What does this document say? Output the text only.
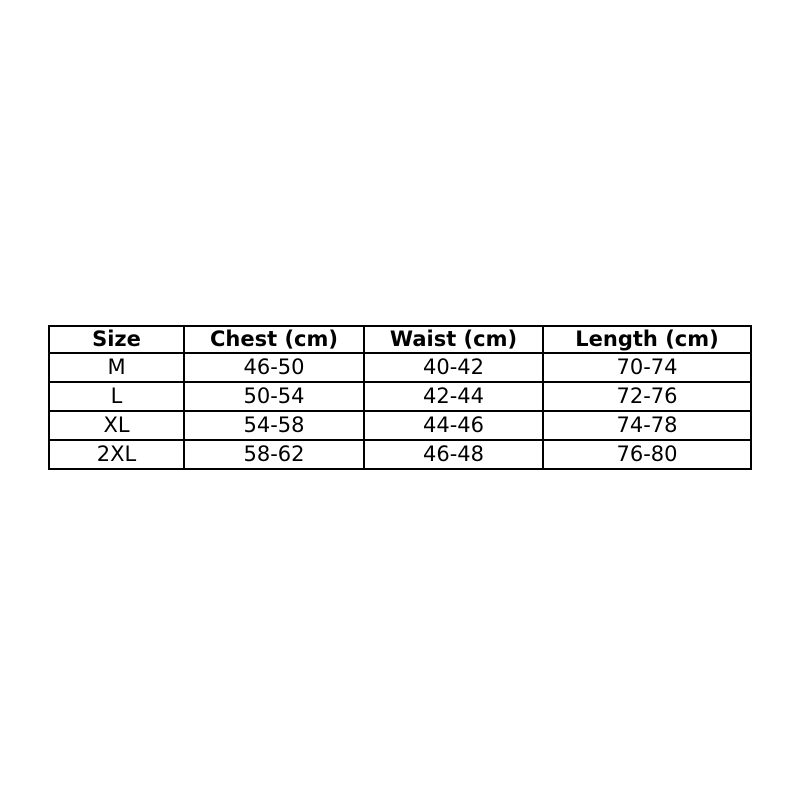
Size	Chest (cm)	Waist (cm)	Length (cm)
M	46-50	40-42	70-74
L	50-54	42-44	72-76
XL	54-58	44-46	74-78
2XL	58-62	46-48	76-80
